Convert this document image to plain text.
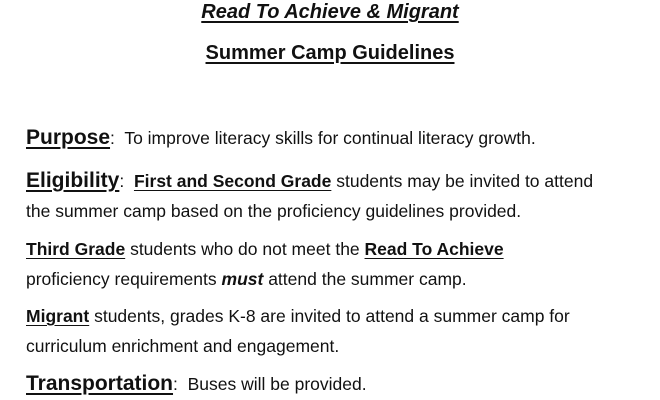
Read To Achieve & Migrant
Summer Camp Guidelines
Purpose: To improve literacy skills for continual literacy growth.
Eligibility: First and Second Grade students may be invited to attend
the summer camp based on the proficiency guidelines provided.
Third Grade students who do not meet the Read To Achieve
proficiency requirements must attend the summer camp.
Migrant students, grades K-8 are invited to attend a summer camp for
curriculum enrichment and engagement.
Transportation: Buses will be provided.
